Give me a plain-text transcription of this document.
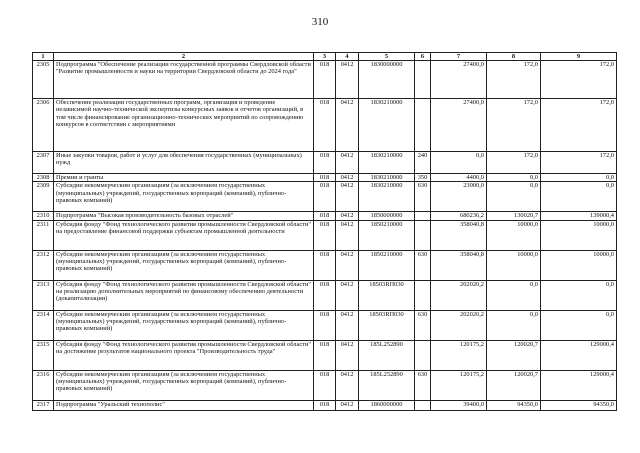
310
1	2	3	4	5	6	7	8	9
2305	Подпрограмма "Обеспечение реализации государственной программы Свердловской области "Развитие промышленности и науки на территории Свердловской области до 2024 года"	018	0412	1830000000		27400,0	172,0	172,0
2306	Обеспечение реализации государственных программ, организация и проведение независимой научно-технической экспертизы конкурсных заявок и отчетов организаций, в том числе финансирование организационно-технических мероприятий по сопровождению конкурсов в соответствии с мероприятиями	018	0412	1830210000		27400,0	172,0	172,0
2307	Иные закупки товаров, работ и услуг для обеспечения государственных (муниципальных) нужд	018	0412	1830210000	240	0,0	172,0	172,0
2308	Премии и гранты	018	0412	1830210000	350	4400,0	0,0	0,0
2309	Субсидии некоммерческим организациям (за исключением государственных (муниципальных) учреждений, государственных корпораций (компаний), публично-правовых компаний)	018	0412	1830210000	630	23000,0	0,0	0,0
2310	Подпрограмма "Высокая производительность базовых отраслей"	018	0412	1850000000		680236,2	130020,7	139000,4
2311	Субсидия фонду "Фонд технологического развития промышленности Свердловской области" на предоставление финансовой поддержки субъектам промышленной деятельности	018	0412	1850210000		358040,8	10000,0	10000,0
2312	Субсидии некоммерческим организациям (за исключением государственных (муниципальных) учреждений, государственных корпораций (компаний), публично-правовых компаний)	018	0412	1850210000	630	358040,8	10000,0	10000,0
2313	Субсидия фонду "Фонд технологического развития промышленности Свердловской области" на реализацию дополнительных мероприятий по финансовому обеспечению деятельности (докапитализации)	018	0412	18503RП030		202020,2	0,0	0,0
2314	Субсидии некоммерческим организациям (за исключением государственных (муниципальных) учреждений, государственных корпораций (компаний), публично-правовых компаний)	018	0412	18503RП030	630	202020,2	0,0	0,0
2315	Субсидия фонду "Фонд технологического развития промышленности Свердловской области" на достижение результатов национального проекта "Производительность труда"	018	0412	185L252890		120175,2	120020,7	129000,4
2316	Субсидии некоммерческим организациям (за исключением государственных (муниципальных) учреждений, государственных корпораций (компаний), публично-правовых компаний)	018	0412	185L252890	630	120175,2	120020,7	129000,4
2317	Подпрограмма "Уральский технополис"	018	0412	1860000000		39400,0	94350,0	94350,0
